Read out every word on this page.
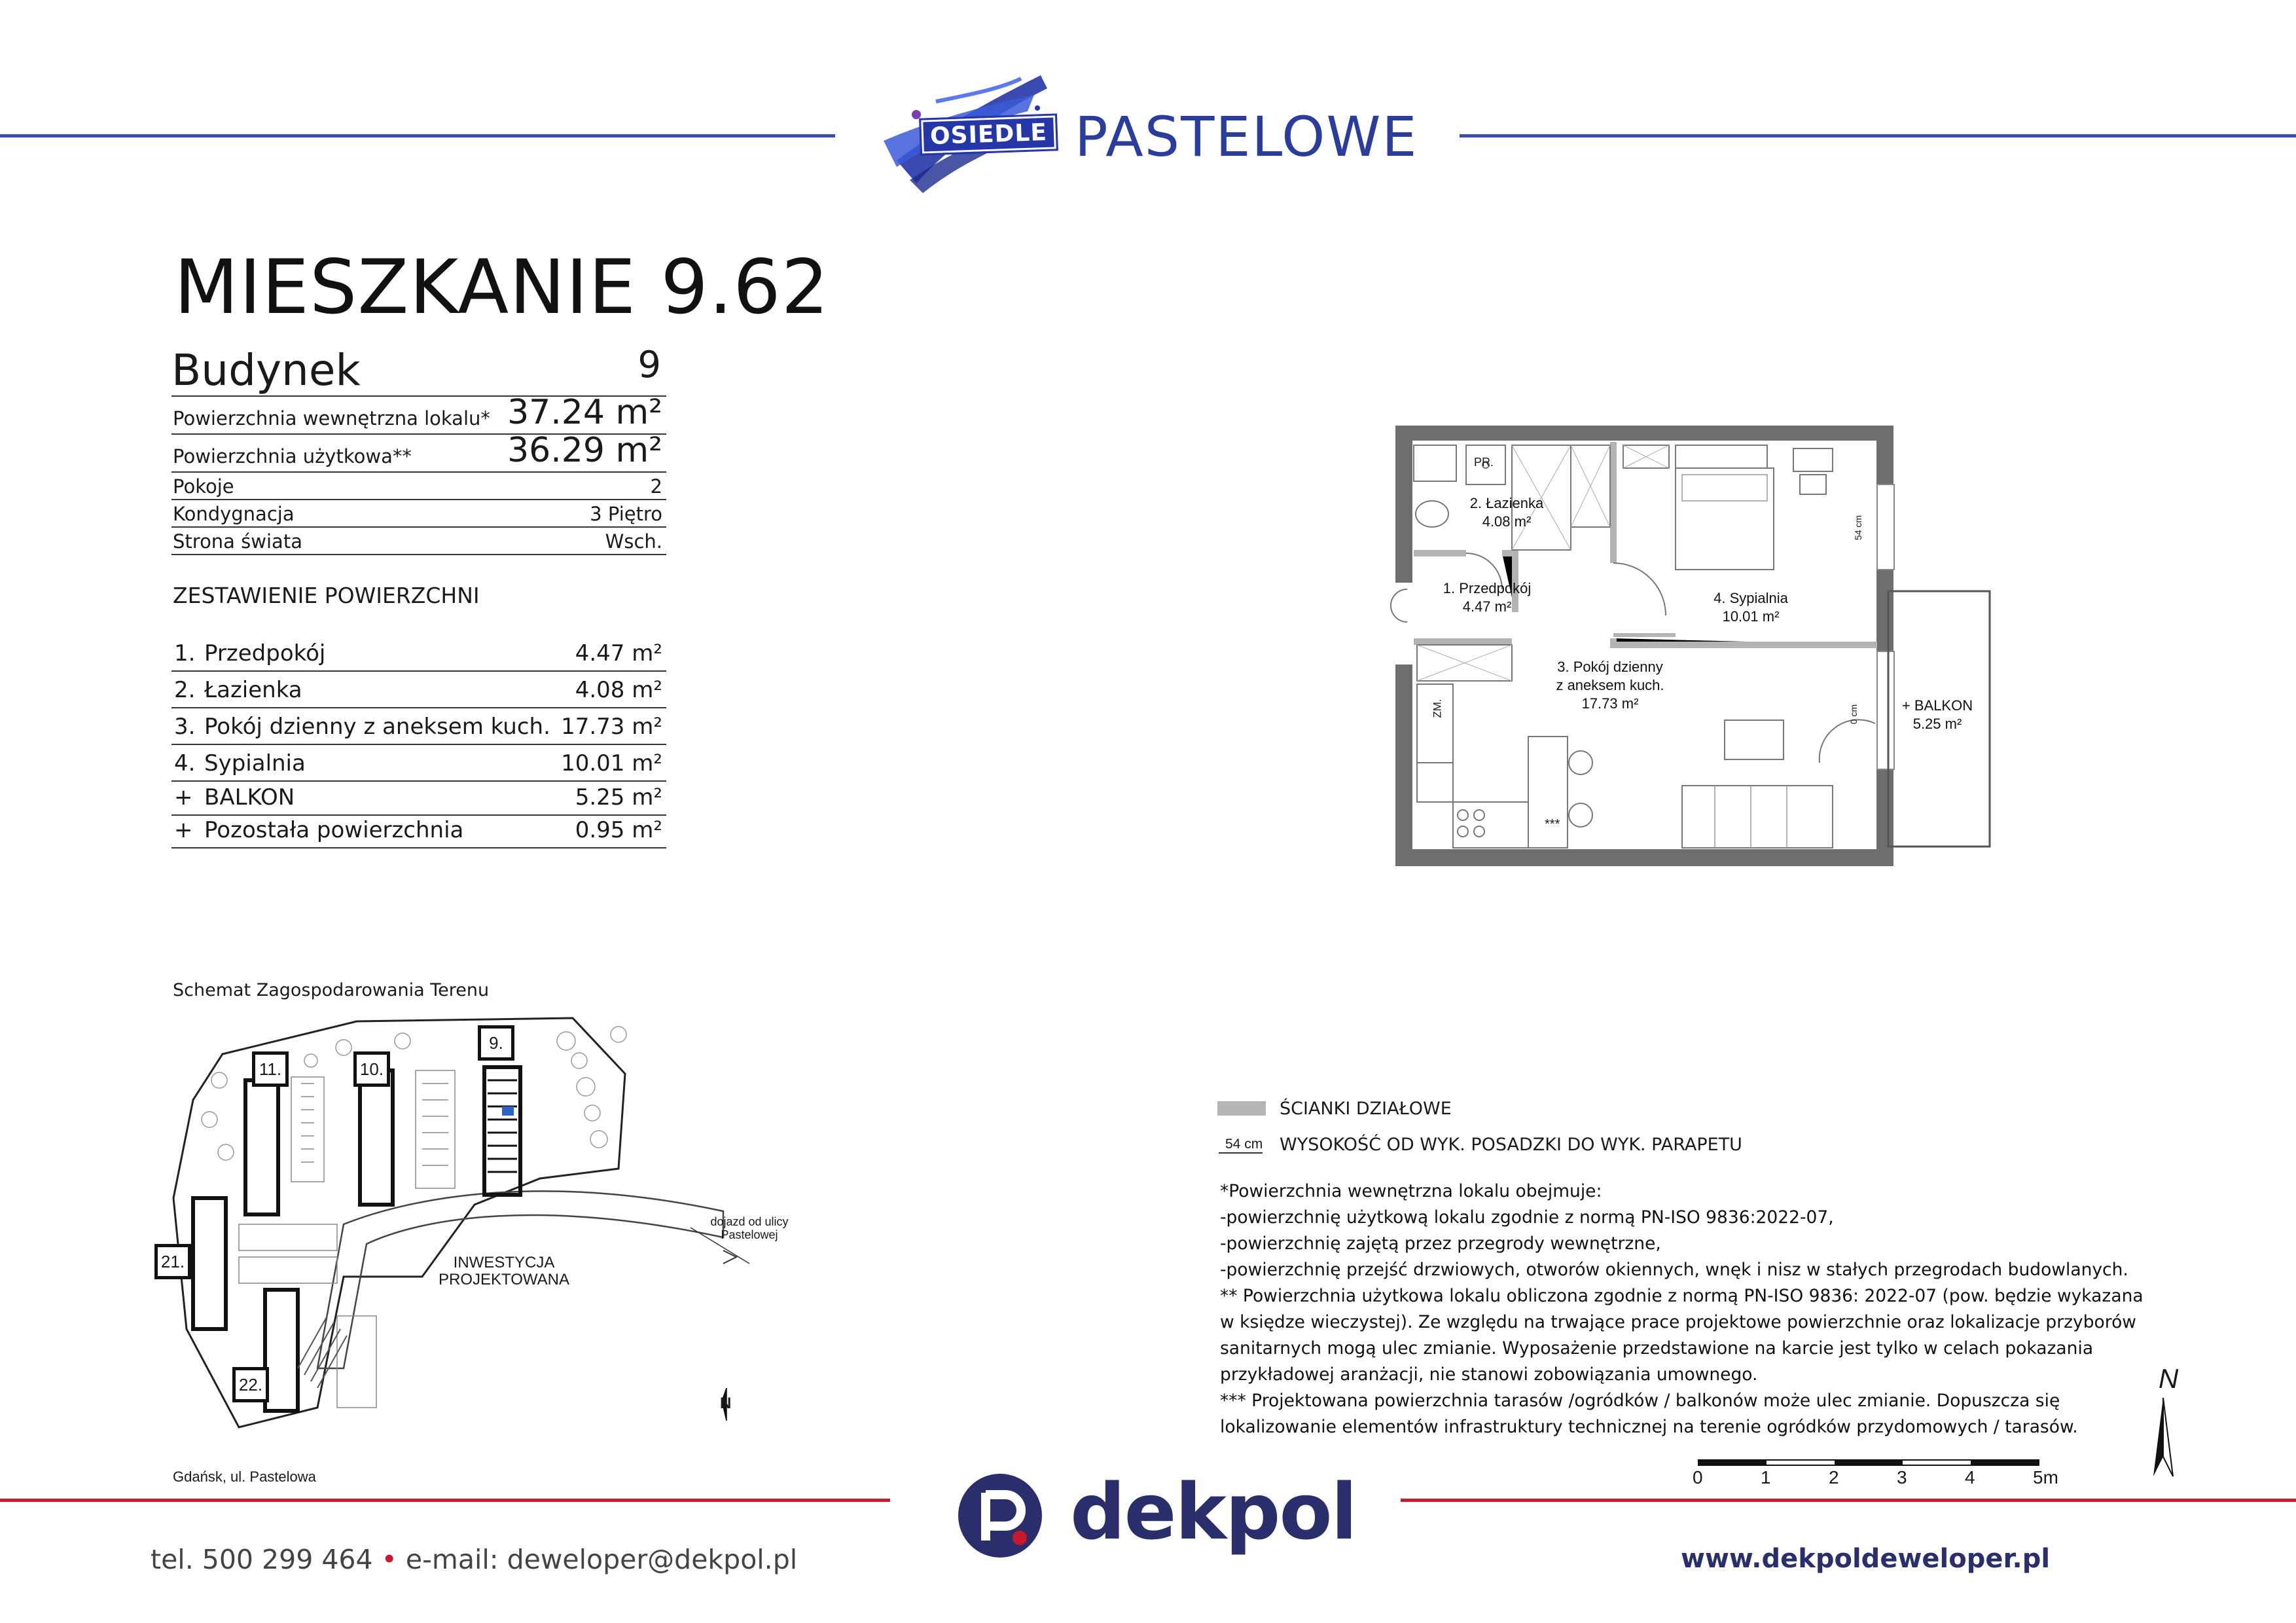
OSIEDLE PASTELOWE
MIESZKANIE 9.62
Budynek	9
Powierzchnia wewnętrzna lokalu* 37.24 m²
Powierzchnia użytkowa**	36.29 m²
Pokoje	2
Kondygnacja	3 Piętro
Strona świata	Wsch.
ZESTAWIENIE POWIERZCHNI
1. Przedpokój	4.47 m²
2. Łazienka	4.08 m²
3. Pokój dzienny z aneksem kuch. 17.73 m²
4. Sypialnia	10.01 m²
+ BALKON	5.25 m²
+ Pozostała powierzchnia	0.95 m²
1. Przedpokój
4.47 m²
2. Łazienka
4.08 m²
3. Pokój dzienny
z aneksem kuch.
17.73 m²
4. Sypialnia
10.01 m²
+ BALKON
5.25 m²
PR.
ZM.
***
54 cm
0 cm
Schemat Zagospodarowania Terenu
11.	10.
9.
21.
22.
INWESTYCJA
PROJEKTOWANA
dojazd od ulicy
Pastelowej
N
Gdańsk, ul. Pastelowa
ŚCIANKI DZIAŁOWE
54 cm WYSOKOŚĆ OD WYK. POSADZKI DO WYK. PARAPETU
*Powierzchnia wewnętrzna lokalu obejmuje:
-powierzchnię użytkową lokalu zgodnie z normą PN-ISO 9836:2022-07,
-powierzchnię zajętą przez przegrody wewnętrzne,
-powierzchnię przejść drzwiowych, otworów okiennych, wnęk i nisz w stałych przegrodach budowlanych.
** Powierzchnia użytkowa lokalu obliczona zgodnie z normą PN-ISO 9836: 2022-07 (pow. będzie wykazana
w księdze wieczystej). Ze względu na trwające prace projektowe powierzchnie oraz lokalizacje przyborów
sanitarnych mogą ulec zmianie. Wyposażenie przedstawione na karcie jest tylko w celach pokazania
przykładowej aranżacji, nie stanowi zobowiązania umownego.
*** Projektowana powierzchnia tarasów /ogródków / balkonów może ulec zmianie. Dopuszcza się
lokalizowanie elementów infrastruktury technicznej na terenie ogródków przydomowych / tarasów.
N
0	1	2	3	4	5m
dekpol
tel. 500 299 464 • e-mail: deweloper@dekpol.pl	www.dekpoldeweloper.pl
